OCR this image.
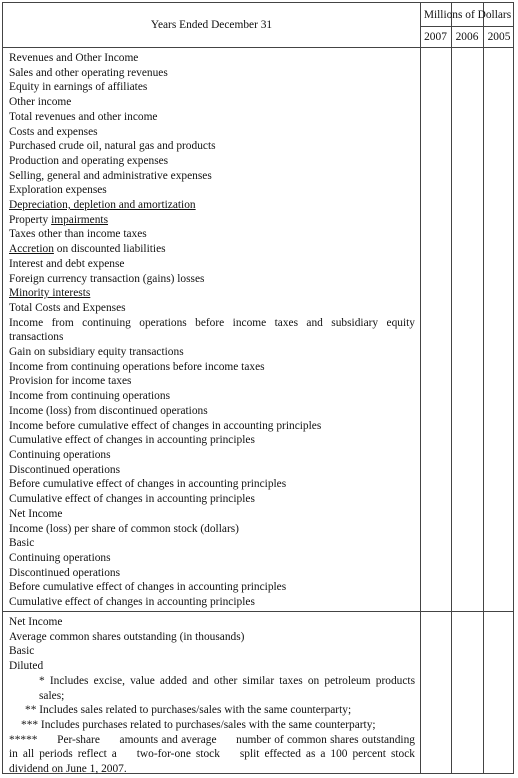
Years Ended December 31
Millions of Dollars
2007 2006 2005
Revenues and Other Income
Sales and other operating revenues
Equity in earnings of affiliates
Other income
Total revenues and other income
Costs and expenses
Purchased crude oil, natural gas and products
Production and operating expenses
Selling, general and administrative expenses
Exploration expenses
Depreciation, depletion and amortization
Property impairments
Taxes other than income taxes
Accretion on discounted liabilities
Interest and debt expense
Foreign currency transaction (gains) losses
Minority interests
Total Costs and Expenses
Income from continuing operations before income taxes and subsidiary equity transactions
Gain on subsidiary equity transactions
Income from continuing operations before income taxes
Provision for income taxes
Income from continuing operations
Income (loss) from discontinued operations
Income before cumulative effect of changes in accounting principles
Cumulative effect of changes in accounting principles
Continuing operations
Discontinued operations
Before cumulative effect of changes in accounting principles
Cumulative effect of changes in accounting principles
Net Income
Income (loss) per share of common stock (dollars)
Basic
Continuing operations
Discontinued operations
Before cumulative effect of changes in accounting principles
Cumulative effect of changes in accounting principles
Net Income
Average common shares outstanding (in thousands)
Basic
Diluted
* Includes excise, value added and other similar taxes on petroleum products sales;
** Includes sales related to purchases/sales with the same counterparty;
*** Includes purchases related to purchases/sales with the same counterparty;
*****      Per-share      amounts and average      number of common shares outstanding in all periods reflect a    two-for-one stock    split effected as a 100 percent stock dividend on June 1, 2007.
